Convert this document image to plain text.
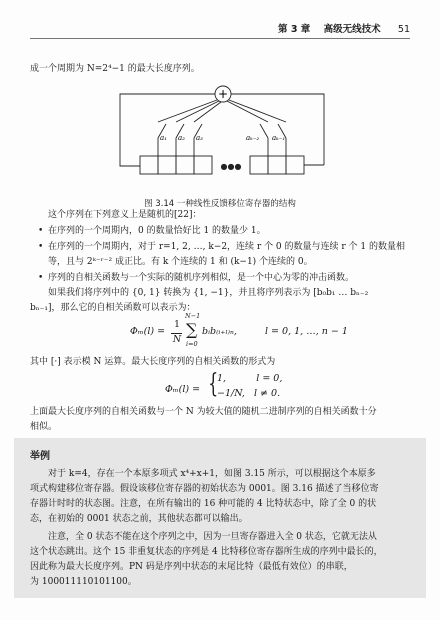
第 3 章 高级无线技术 51
成一个周期为 N=2⁴−1 的最大长度序列。
+
a₁ a₂ a₃	aₖ₋₂ aₖ₋₁
●●●
图 3.14 一种线性反馈移位寄存器的结构
这个序列在下列意义上是随机的[22]：
• 在序列的一个周期内，0 的数量恰好比 1 的数量少 1。
• 在序列的一个周期内，对于 r=1, 2, …, k−2，连续 r 个 0 的数量与连续 r 个 1 的数量相等，且与 2ᵏ⁻ʳ⁻² 成正比。有 k 个连续的 1 和 (k−1) 个连续的 0。
• 序列的自相关函数与一个实际的随机序列相似，是一个中心为零的冲击函数。
如果我们将序列中的 {0, 1} 转换为 {1, −1}，并且将序列表示为 [b₀b₁ … bₙ₋₂
bₙ₋₁]，那么它的自相关函数可以表示为：
Φₘ(l) =
1
N
N−1
∑
i=0
bᵢb₍ᵢ₊ₗ₎ₙ,	l = 0, 1, …, n − 1
其中 [·] 表示模 N 运算。最大长度序列的自相关函数的形式为
Φₘ(l) = {
1,          l = 0,
−1/N,   l ≠ 0.
上面最大长度序列的自相关函数与一个 N 为较大值的随机二进制序列的自相关函数十分
相似。
举例
对于 k=4，存在一个本原多项式 x⁴+x+1，如图 3.15 所示，可以根据这个本原多
项式构建移位寄存器。假设该移位寄存器的初始状态为 0001。图 3.16 描述了当移位寄
存器计时时的状态图。注意，在所有输出的 16 种可能的 4 比特状态中，除了全 0 的状
态，在初始的 0001 状态之前，其他状态都可以输出。
注意，全 0 状态不能在这个序列之中，因为一旦寄存器进入全 0 状态，它就无法从
这个状态跳出。这个 15 非重复状态的序列是 4 比特移位寄存器所生成的序列中最长的，
因此称为最大长度序列。PN 码是序列中状态的末尾比特（最低有效位）的串联，
为 100011110101100。
